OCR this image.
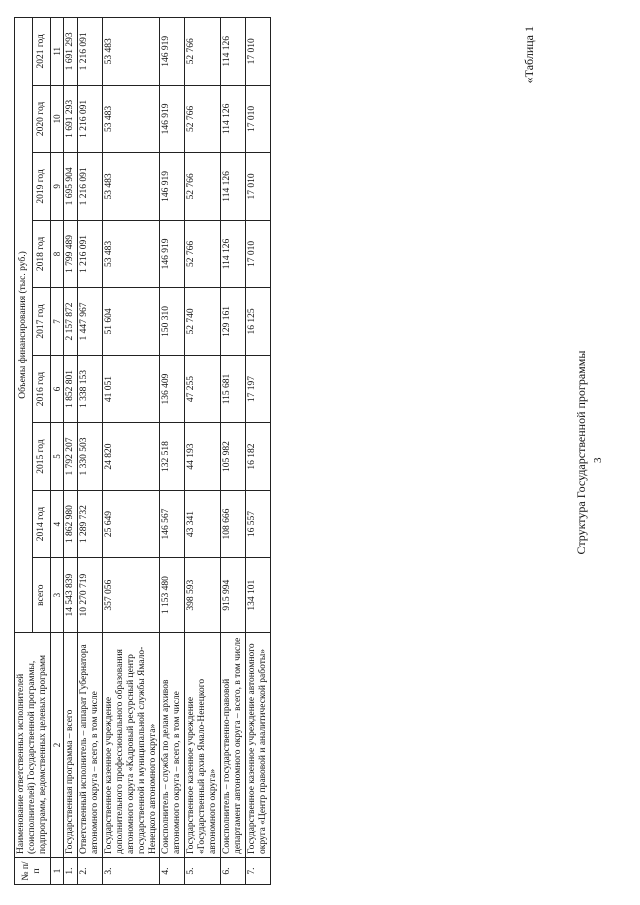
«Таблица 1
Структура Государственной программы 3
№ п/п	Наименование ответственных исполнителей (соисполнителей) Государственной программы, подпрограмм, ведомственных целевых программ	Объемы финансирования (тыс. руб.)								
		всего	2014 год	2015 год	2016 год	2017 год	2018 год	2019 год	2020 год	2021 год
1	2	3	4	5	6	7	8	9	10	11
1.	Государственная программа – всего	14 543 839	1 862 980	1 792 207	1 852 801	2 157 872	1 799 489	1 695 904	1 691 293	1 691 293
2.	Ответственный исполнитель – аппарат Губернатора автономного округа – всего, в том числе	10 270 719	1 289 732	1 330 503	1 338 153	1 447 967	1 216 091	1 216 091	1 216 091	1 216 091
3.	Государственное казенное учреждение дополнительного профессионального образования автономного округа «Кадровый ресурсный центр государственной и муниципальной службы Ямало-Ненецкого автономного округа»	357 056	25 649	24 820	41 051	51 604	53 483	53 483	53 483	53 483
4.	Соисполнитель – служба по делам архивов автономного округа – всего, в том числе	1 153 480	146 567	132 518	136 409	150 310	146 919	146 919	146 919	146 919
5.	Государственное казенное учреждение «Государственный архив Ямало-Ненецкого автономного округа»	398 593	43 341	44 193	47 255	52 740	52 766	52 766	52 766	52 766
6.	Соисполнитель – государственно-правовой департамент автономного округа – всего, в том числе	915 994	108 666	105 982	115 681	129 161	114 126	114 126	114 126	114 126
7.	Государственное казенное учреждение автономного округа «Центр правовой и аналитической работы»	134 101	16 557	16 182	17 197	16 125	17 010	17 010	17 010	17 010
